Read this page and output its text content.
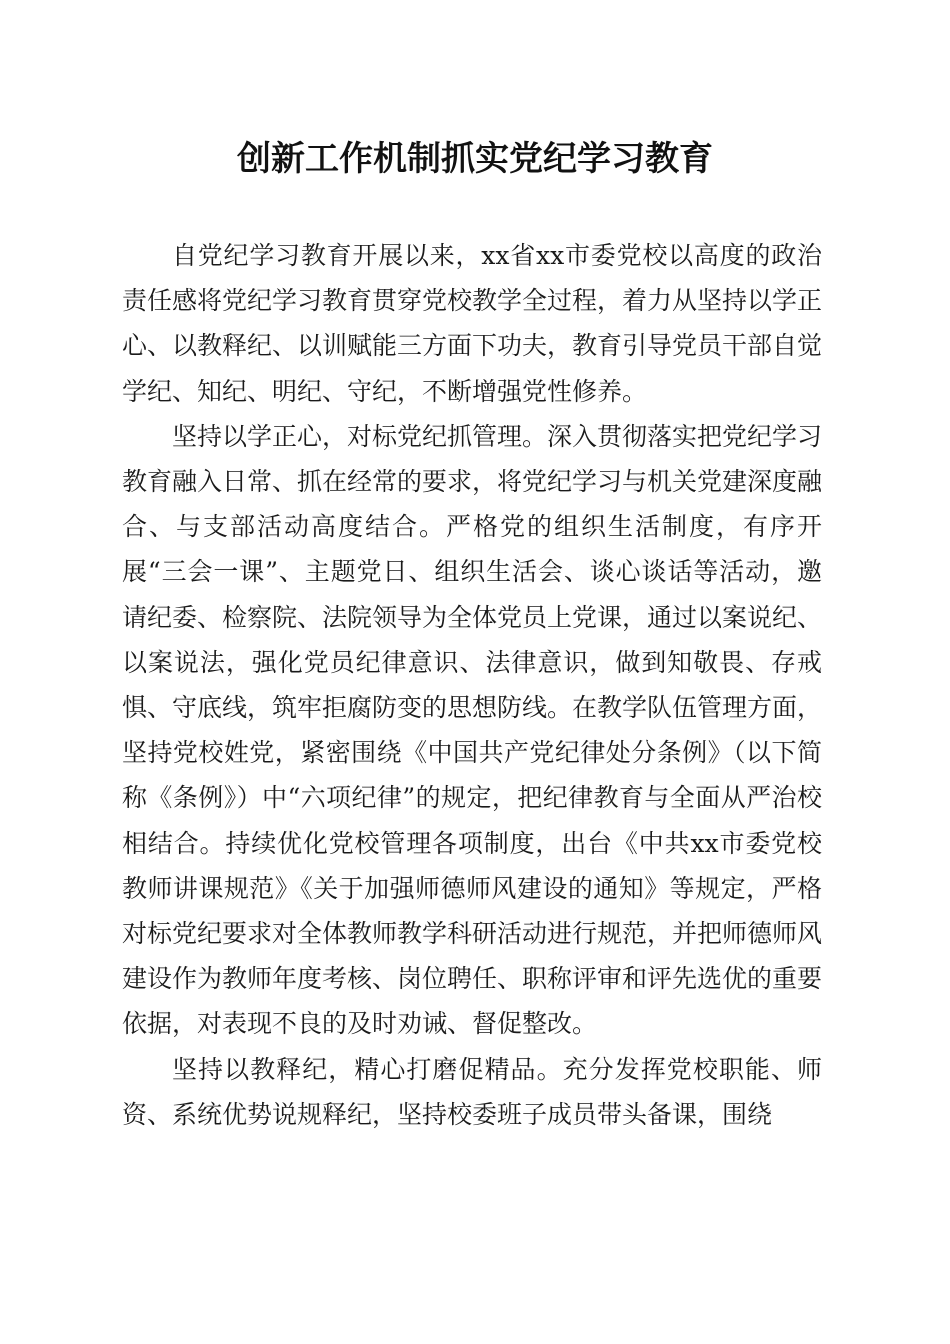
创新工作机制抓实党纪学习教育

自党纪学习教育开展以来，xx省xx市委党校以高度的政治责任感将党纪学习教育贯穿党校教学全过程，着力从坚持以学正心、以教释纪、以训赋能三方面下功夫，教育引导党员干部自觉学纪、知纪、明纪、守纪，不断增强党性修养。

坚持以学正心，对标党纪抓管理。深入贯彻落实把党纪学习教育融入日常、抓在经常的要求，将党纪学习与机关党建深度融合、与支部活动高度结合。严格党的组织生活制度，有序开展“三会一课”、主题党日、组织生活会、谈心谈话等活动，邀请纪委、检察院、法院领导为全体党员上党课，通过以案说纪、以案说法，强化党员纪律意识、法律意识，做到知敬畏、存戒惧、守底线，筑牢拒腐防变的思想防线。在教学队伍管理方面，坚持党校姓党，紧密围绕《中国共产党纪律处分条例》（以下简称《条例》）中“六项纪律”的规定，把纪律教育与全面从严治校相结合。持续优化党校管理各项制度，出台《中共xx市委党校教师讲课规范》《关于加强师德师风建设的通知》等规定，严格对标党纪要求对全体教师教学科研活动进行规范，并把师德师风建设作为教师年度考核、岗位聘任、职称评审和评先选优的重要依据，对表现不良的及时劝诫、督促整改。

坚持以教释纪，精心打磨促精品。充分发挥党校职能、师资、系统优势说规释纪，坚持校委班子成员带头备课，围绕
